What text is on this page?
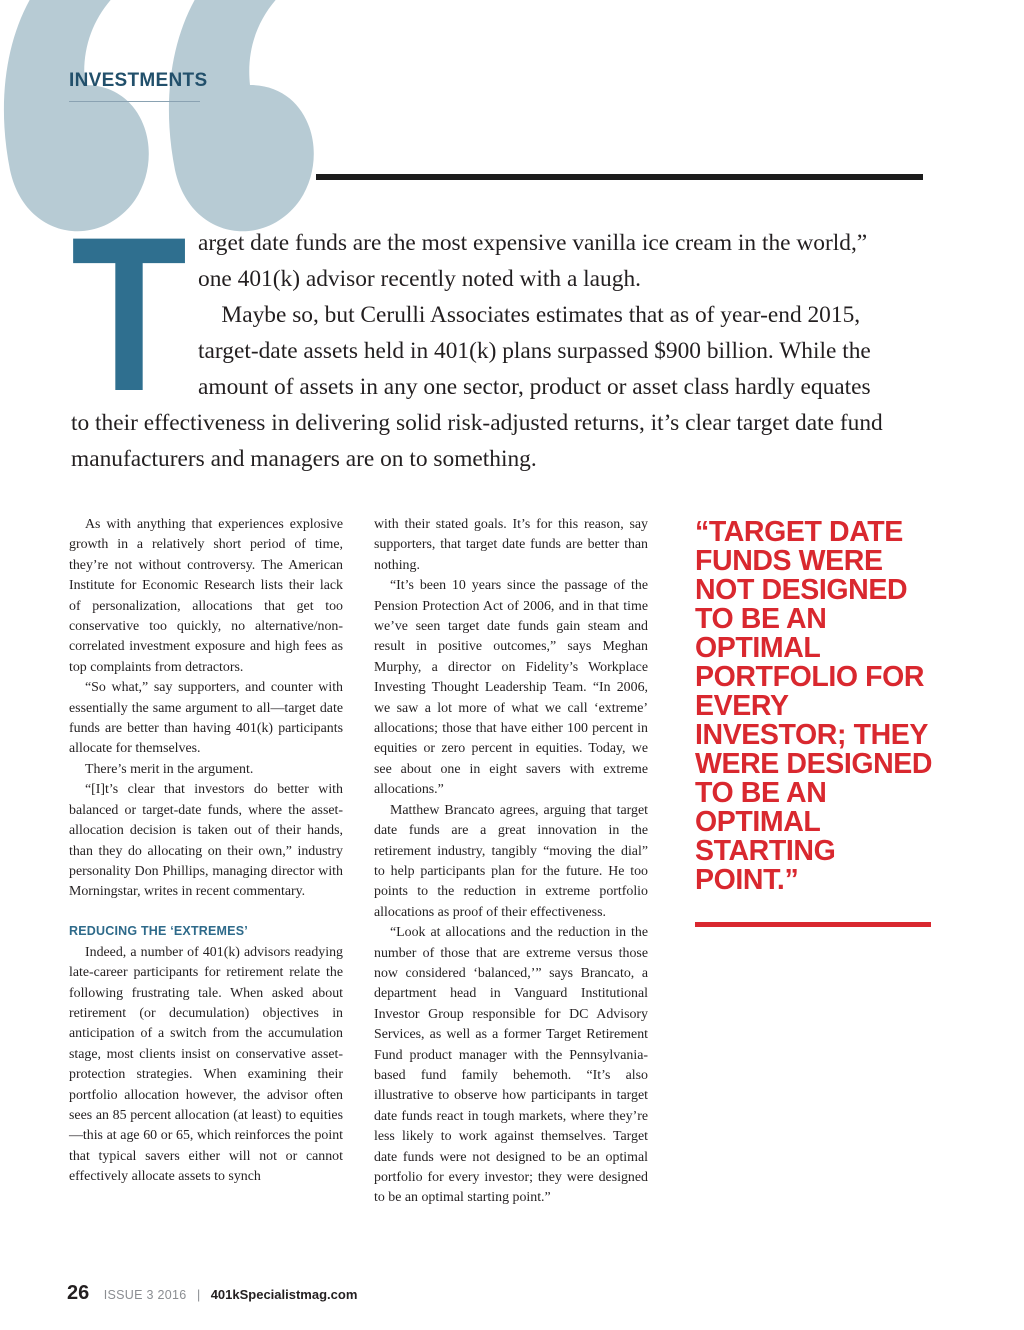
INVESTMENTS
T arget date funds are the most expensive vanilla ice cream in the world,”
one 401(k) advisor recently noted with a laugh.
 Maybe so, but Cerulli Associates estimates that as of year-end 2015,
target-date assets held in 401(k) plans surpassed $900 billion. While the
amount of assets in any one sector, product or asset class hardly equates
to their effectiveness in delivering solid risk-adjusted returns, it’s clear target date fund
manufacturers and managers are on to something.

As with anything that experiences explosive growth in a relatively short period of time, they’re not without controversy. The American Institute for Economic Research lists their lack of personalization, allocations that get too conservative too quickly, no alternative/non-correlated investment exposure and high fees as top complaints from detractors.

“So what,” say supporters, and counter with essentially the same argument to all—target date funds are better than having 401(k) participants allocate for themselves.

There’s merit in the argument.

“[I]t’s clear that investors do better with balanced or target-date funds, where the asset-allocation decision is taken out of their hands, than they do allocating on their own,” industry personality Don Phillips, managing director with Morningstar, writes in recent commentary.

REDUCING THE ‘EXTREMES’

Indeed, a number of 401(k) advisors readying late-career participants for retirement relate the following frustrating tale. When asked about retirement (or decumulation) objectives in anticipation of a switch from the accumulation stage, most clients insist on conservative asset-protection strategies. When examining their portfolio allocation however, the advisor often sees an 85 percent allocation (at least) to equities—this at age 60 or 65, which reinforces the point that typical savers either will not or cannot effectively allocate assets to synch

with their stated goals. It’s for this reason, say supporters, that target date funds are better than nothing.

“It’s been 10 years since the passage of the Pension Protection Act of 2006, and in that time we’ve seen target date funds gain steam and result in positive outcomes,” says Meghan Murphy, a director on Fidelity’s Workplace Investing Thought Leadership Team. “In 2006, we saw a lot more of what we call ‘extreme’ allocations; those that have either 100 percent in equities or zero percent in equities. Today, we see about one in eight savers with extreme allocations.”

Matthew Brancato agrees, arguing that target date funds are a great innovation in the retirement industry, tangibly “moving the dial” to help participants plan for the future. He too points to the reduction in extreme portfolio allocations as proof of their effectiveness.

“Look at allocations and the reduction in the number of those that are extreme versus those now considered ‘balanced,’” says Brancato, a department head in Vanguard Institutional Investor Group responsible for DC Advisory Services, as well as a former Target Retirement Fund product manager with the Pennsylvania-based fund family behemoth. “It’s also illustrative to observe how participants in target date funds react in tough markets, where they’re less likely to work against themselves. Target date funds were not designed to be an optimal portfolio for every investor; they were designed to be an optimal starting point.”

“TARGET DATE FUNDS WERE NOT DESIGNED TO BE AN OPTIMAL PORTFOLIO FOR EVERY INVESTOR; THEY WERE DESIGNED TO BE AN OPTIMAL STARTING POINT.”
26 ISSUE 3 2016 | 401kSpecialistmag.com
